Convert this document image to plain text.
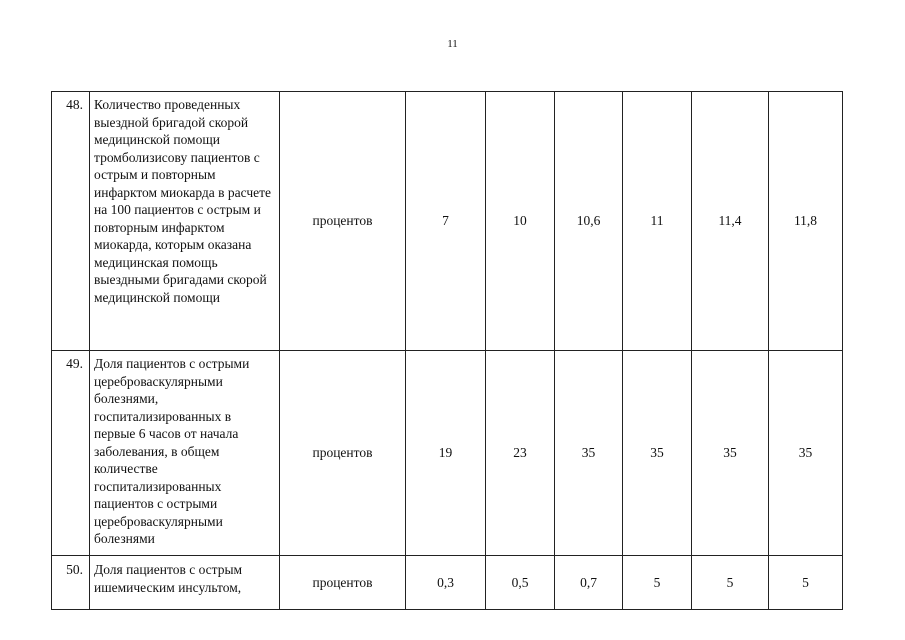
11
48.	Количество проведенных выездной бригадой скорой медицинской помощи тромболизисову пациентов с острым и повторным инфарктом миокарда в расчете на 100 пациентов с острым и повторным инфарктом миокарда, которым оказана медицинская помощь выездными бригадами скорой медицинской помощи	процентов	7	10	10,6	11	11,4	11,8
49.	Доля пациентов с острыми цереброваскулярными болезнями, госпитализированных в первые 6 часов от начала заболевания, в общем количестве госпитализированных пациентов с острыми цереброваскулярными болезнями	процентов	19	23	35	35	35	35
50.	Доля пациентов с острым ишемическим инсультом,	процентов	0,3	0,5	0,7	5	5	5
